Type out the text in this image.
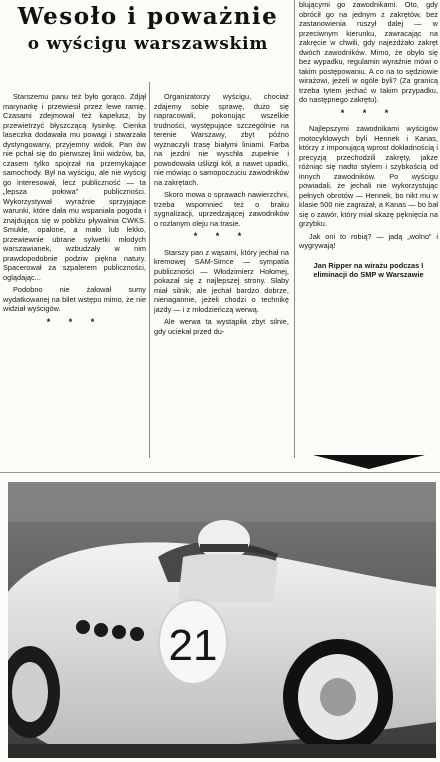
Wesoło i poważnie
o wyścigu warszawskim

Starszemu panu też było gorąco. Zdjął marynarkę i przewiesił przez lewe ramię. Czasami zdejmował też kapelusz, by przewietrzyć błyszczącą łysinkę. Cienka laseczka dodawała mu powagi i stwarzała dystyngowany, przyjemny widok. Pan ów nie pchał się do pierwszej linii widzów, ba, czasem tylko spojrzał na przemykające samochody. Był na wyścigu, ale nie wyścig go interesował, lecz publiczność — ta „lepsza połowa” publiczności. Wykorzystywał wyraźnie sprzyjające warunki, które dała mu wspaniała pogoda i znajdująca się w pobliżu pływalnia CWKS. Smukłe, opalone, a mało lub lekko, przewiewnie ubrane sylwetki młodych warszawianek, wzbudzały w nim prawdopodobnie podziw piękna natury. Spacerował za szpalerem publiczności, oglądając...

Podobno nie żałował sumy wydatkowanej na bilet wstępu mimo, że nie widział wyścigów.

* * *

Organizatorzy wyścigu, chociaż zdajemy sobie sprawę, dużo się napracowali, pokonując wszelkie trudności, występujące szczególnie na terenie Warszawy, zbyt późno wyznaczyli trasę białymi liniami. Farba na jezdni nie wyschła zupełnie i powodowała uślizgi kół, a nawet upadki, nie mówiąc o samopoczuciu zawodników na zakrętach.

Skoro mowa o sprawach nawierzchni, trzeba wspomnieć też o braku sygnalizacji, uprzedzającej zawodników o rozlanym oleju na trasie.

* * *

Starszy pan z wąsami, który jechał na kremowej SAM-Simce — sympatia publiczności — Włodzimierz Hołomej, pokazał się z najlepszej strony. Słaby miał silnik, ale jechał bardzo dobrze, nienagannie, jeżeli chodzi o technikę jazdy — i z młodzieńczą werwą.

Ale werwa ta wystąpiła zbyt silnie, gdy uciekał przed du-

blującymi go zawodnikami. Oto, gdy obrócił go na jednym z zakrętów, bez zastanowienia ruszył dalej — w przeciwnym kierunku, zawracając na zakręcie w chwili, gdy najeżdżało zakręt dwóch zawodników. Mimo, że obyło się bez wypadku, regulamin wyraźnie mówi o takim postępowaniu. A co na to sędziowie wirażowi, jeżeli w ogóle byli? (Za granicą trzeba tytem jechać w takim przypadku, do następnego zakrętu).

* * *

Najlepszymi zawodnikami wyścigów motocyklowych byli Hennek i Kanas, którzy z imponującą wprost dokładnością i precyzją przechodzili zakręty, jakże różniąc się nadto stylem i szybkością od innych zawodników. Po wyścigu powiadali, że jechali nie wykorzystując pełnych obrotów — Hennek, bo nikt mu w klasie 500 nie zagrażał, a Kanas — bo bał się o zawór, który miał skazę pęknięcia na grzybku.

Jak oni to robią? — jadą „wolno” i wygrywają!

Jan Ripper na wirażu podczas I eliminacji do SMP w Warszawie
21
